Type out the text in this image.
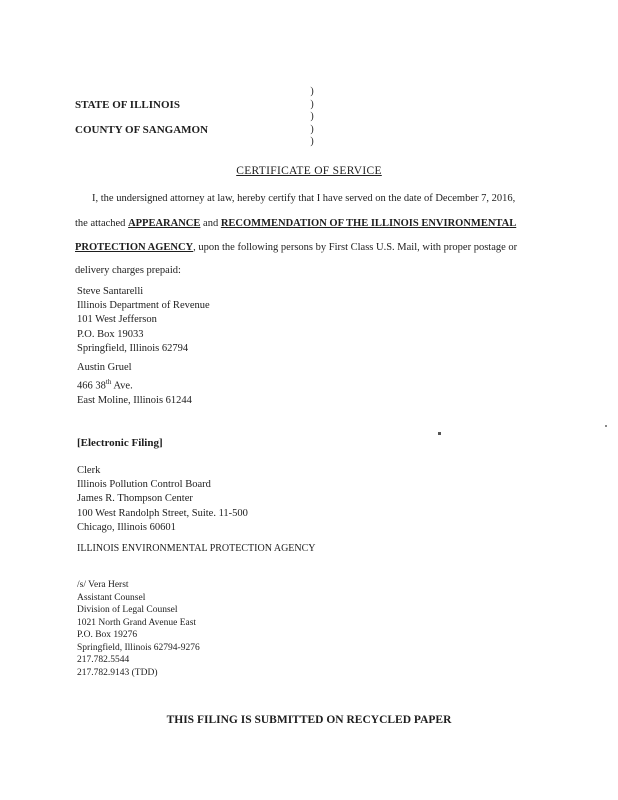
)
)
)
)
)
STATE OF ILLINOIS
COUNTY OF SANGAMON
CERTIFICATE OF SERVICE
I, the undersigned attorney at law, hereby certify that I have served on the date of December 7, 2016,
the attached APPEARANCE and RECOMMENDATION OF THE ILLINOIS ENVIRONMENTAL
PROTECTION AGENCY, upon the following persons by First Class U.S. Mail, with proper postage or
delivery charges prepaid:
Steve Santarelli
Illinois Department of Revenue
101 West Jefferson
P.O. Box 19033
Springfield, Illinois 62794
Austin Gruel
466 38th Ave.
East Moline, Illinois 61244
[Electronic Filing]
Clerk
Illinois Pollution Control Board
James R. Thompson Center
100 West Randolph Street, Suite. 11-500
Chicago, Illinois 60601
ILLINOIS ENVIRONMENTAL PROTECTION AGENCY
/s/ Vera Herst
Assistant Counsel
Division of Legal Counsel
1021 North Grand Avenue East
P.O. Box 19276
Springfield, Illinois 62794-9276
217.782.5544
217.782.9143 (TDD)
THIS FILING IS SUBMITTED ON RECYCLED PAPER
